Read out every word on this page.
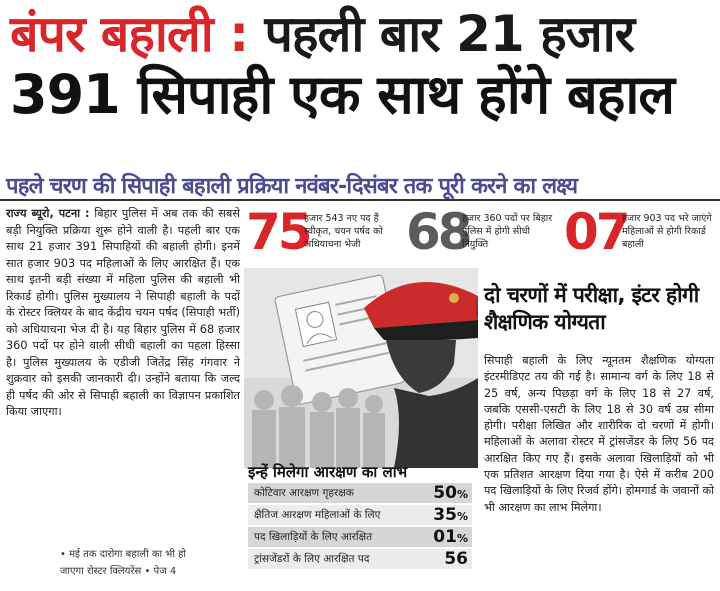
बंपर बहाली : पहली बार 21 हजार
391 सिपाही एक साथ होंगे बहाल
पहले चरण की सिपाही बहाली प्रक्रिया नवंबर-दिसंबर तक पूरी करने का लक्ष्य
राज्य ब्यूरो, पटना : बिहार पुलिस में अब तक की सबसे बड़ी नियुक्ति प्रक्रिया शुरू होने वाली है। पहली बार एक साथ 21 हजार 391 सिपाहियों की बहाली होगी। इनमें सात हजार 903 पद महिलाओं के लिए आरक्षित हैं। एक साथ इतनी बड़ी संख्या में महिला पुलिस की बहाली भी रिकार्ड होगी। पुलिस मुख्यालय ने सिपाही बहाली के पदों के रोस्टर क्लियर के बाद केंद्रीय चयन पर्षद (सिपाही भर्ती) को अधियाचना भेज दी है। यह बिहार पुलिस में 68 हजार 360 पदों पर होने वाली सीधी बहाली का पहला हिस्सा है। पुलिस मुख्यालय के एडीजी जितेंद्र सिंह गंगवार ने शुक्रवार को इसकी जानकारी दी। उन्होंने बताया कि जल्द ही पर्षद की ओर से सिपाही बहाली का विज्ञापन प्रकाशित किया जाएगा।
• मई तक दारोगा बहाली का भी हो
जाएगा रोस्टर क्लियरेंस • पेज 4
75
हजार 543 नए पद हैं स्वीकृत, चयन पर्षद को अधियाचना भेजी 68
हजार 360 पदों पर बिहार पुलिस में होगी सीधी नियुक्ति	07
हजार 903 पद भरे जाएंगे महिलाओं से होगी रिकार्ड बहाली
दो चरणों में परीक्षा, इंटर होगी शैक्षणिक योग्यता
सिपाही बहाली के लिए न्यूनतम शैक्षणिक योग्यता इंटरमीडिएट तय की गई है। सामान्य वर्ग के लिए 18 से 25 वर्ष, अन्य पिछड़ा वर्ग के लिए 18 से 27 वर्ष, जबकि एससी-एसटी के लिए 18 से 30 वर्ष उम्र सीमा होगी। परीक्षा लिखित और शारीरिक दो चरणों में होगी। महिलाओं के अलावा रोस्टर में ट्रांसजेंडर के लिए 56 पद आरक्षित किए गए हैं। इसके अलावा खिलाड़ियों को भी एक प्रतिशत आरक्षण दिया गया है। ऐसे में करीब 200 पद खिलाड़ियों के लिए रिजर्व होंगे। होमगार्ड के जवानों को भी आरक्षण का लाभ मिलेगा।
इन्हें मिलेगा आरक्षण का लाभ
कोटिवार आरक्षण गृहरक्षक	50%
क्षैतिज आरक्षण महिलाओं के लिए	35%
पद खिलाड़ियों के लिए आरक्षित	01%
ट्रांसजेंडरों के लिए आरक्षित पद	56
